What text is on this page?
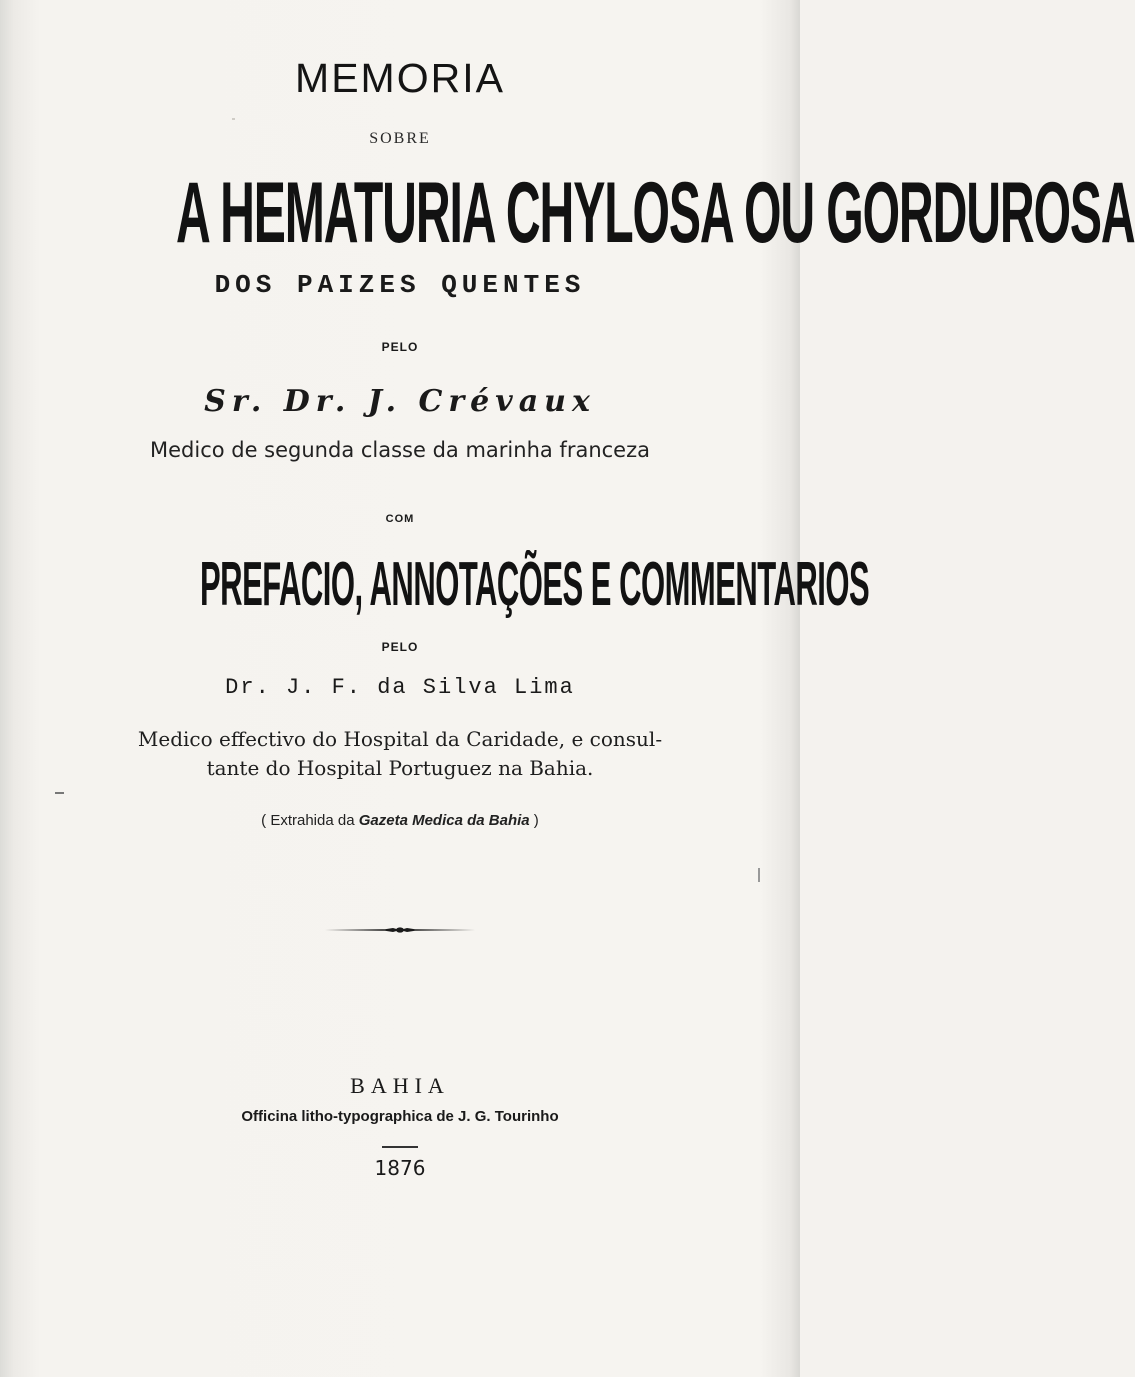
MEMORIA
SOBRE
A HEMATURIA CHYLOSA OU GORDUROSA
DOS PAIZES QUENTES
PELO
Sr. Dr. J. Crévaux
Medico de segunda classe da marinha franceza
COM
PREFACIO, ANNOTAÇÕES E COMMENTARIOS
PELO
Dr. J. F. da Silva Lima
Medico effectivo do Hospital da Caridade, e consul-
tante do Hospital Portuguez na Bahia.
( Extrahida da Gazeta Medica da Bahia )
BAHIA
Officina litho-typographica de J. G. Tourinho
1876
